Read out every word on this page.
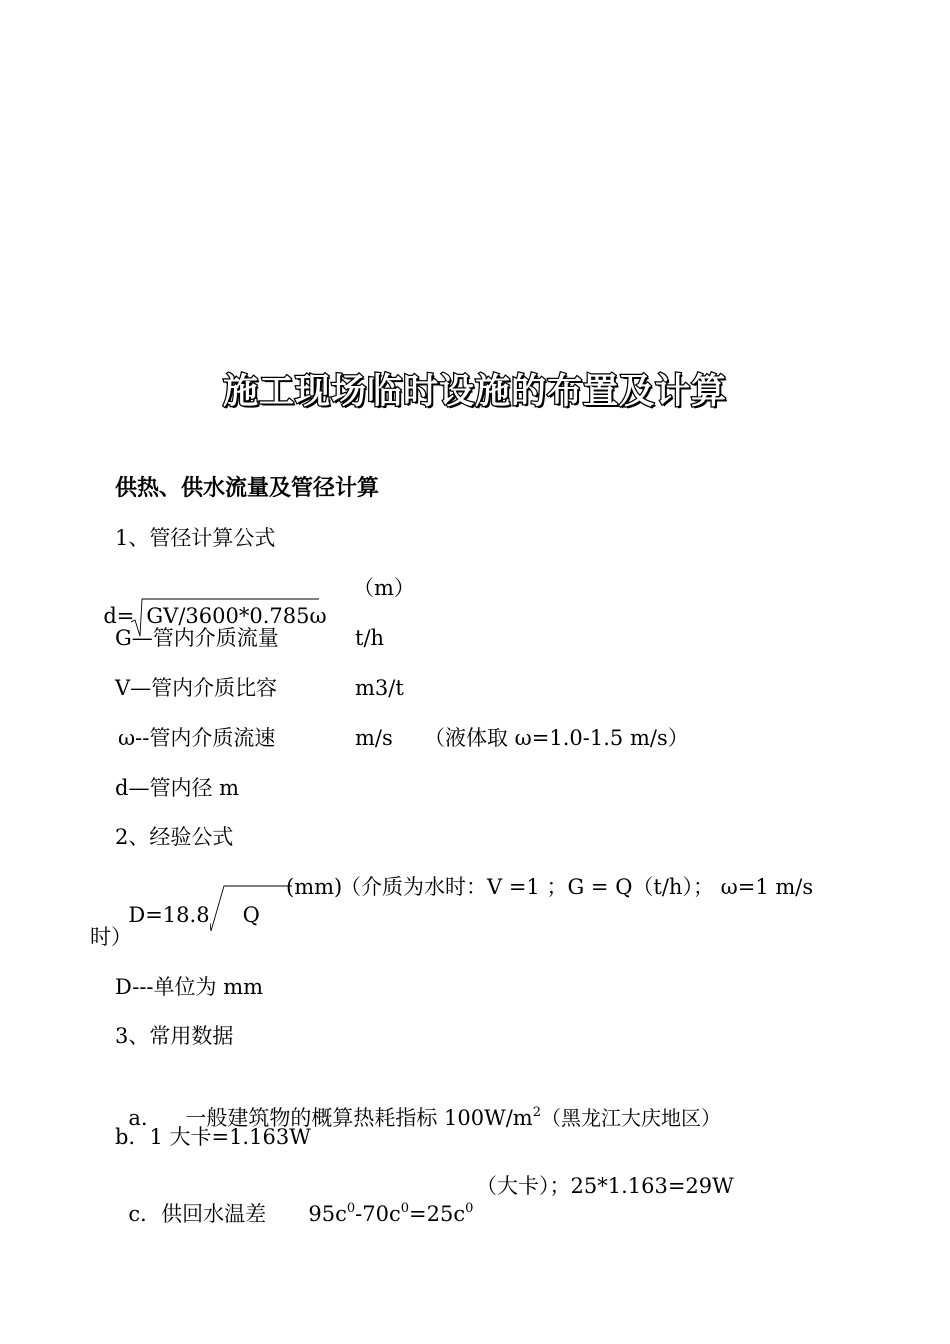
施工现场临时设施的布置及计算
供热、供水流量及管径计算
1、管径计算公式

d= GV/3600*0.785ω

（m）
G—管内介质流量	t/h
V—管内介质比容	m3/t
ω--管内介质流速	m/s （液体取 ω=1.0-1.5 m/s）
d—管内径 m
2、经验公式

D=18.8 Q

(mm)
（介质为水时：V =1 ；G = Q（t/h）； ω=1 m/s
时）
D---单位为 mm
3、常用数据

a.	一般建筑物的概算热耗指标 $100W/m^2$（黑龙江大庆地区）

b．1 大卡=1.163W

c．供回水温差	$95c^0-70c^0=25c^0$

（大卡）；25*1.163=29W
